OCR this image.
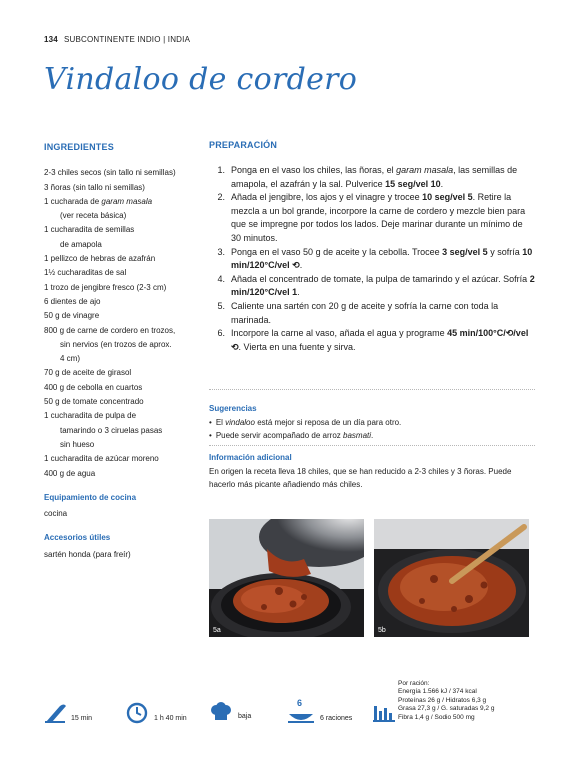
134 SUBCONTINENTE INDIO | INDIA
Vindaloo de cordero
INGREDIENTES
2-3 chiles secos (sin tallo ni semillas)
3 ñoras (sin tallo ni semillas)
1 cucharada de garam masala
(ver receta básica)
1 cucharadita de semillas
de amapola
1 pellizco de hebras de azafrán
1½ cucharaditas de sal
1 trozo de jengibre fresco (2-3 cm)
6 dientes de ajo
50 g de vinagre
800 g de carne de cordero en trozos,
sin nervios (en trozos de aprox.
4 cm)
70 g de aceite de girasol
400 g de cebolla en cuartos
50 g de tomate concentrado
1 cucharadita de pulpa de
tamarindo o 3 ciruelas pasas
sin hueso
1 cucharadita de azúcar moreno
400 g de agua
Equipamiento de cocina
cocina
Accesorios útiles
sartén honda (para freír)
PREPARACIÓN
1. Ponga en el vaso los chiles, las ñoras, el garam masala, las semillas de amapola, el azafrán y la sal. Pulverice 15 seg/vel 10.
2. Añada el jengibre, los ajos y el vinagre y trocee 10 seg/vel 5. Retire la mezcla a un bol grande, incorpore la carne de cordero y mezcle bien para que se impregne por todos los lados. Deje marinar durante un mínimo de 30 minutos.
3. Ponga en el vaso 50 g de aceite y la cebolla. Trocee 3 seg/vel 5 y sofría 10 min/120°C/vel ⟲.
4. Añada el concentrado de tomate, la pulpa de tamarindo y el azúcar. Sofría 2 min/120°C/vel 1.
5. Caliente una sartén con 20 g de aceite y sofría la carne con toda la marinada.
6. Incorpore la carne al vaso, añada el agua y programe 45 min/100°C/⟲/vel ⟲. Vierta en una fuente y sirva.
Sugerencias
• El vindaloo está mejor si reposa de un día para otro.
• Puede servir acompañado de arroz basmati.
Información adicional
En origen la receta lleva 18 chiles, que se han reducido a 2-3 chiles y 3 ñoras. Puede hacerlo más picante añadiendo más chiles.
5a	5b
15 min	1 h 40 min	baja
6
6 raciones
Por ración:
Energía 1.566 kJ / 374 kcal
Proteínas 26 g / Hidratos 6,3 g
Grasa 27,3 g / G. saturadas 9,2 g
Fibra 1,4 g / Sodio 500 mg
